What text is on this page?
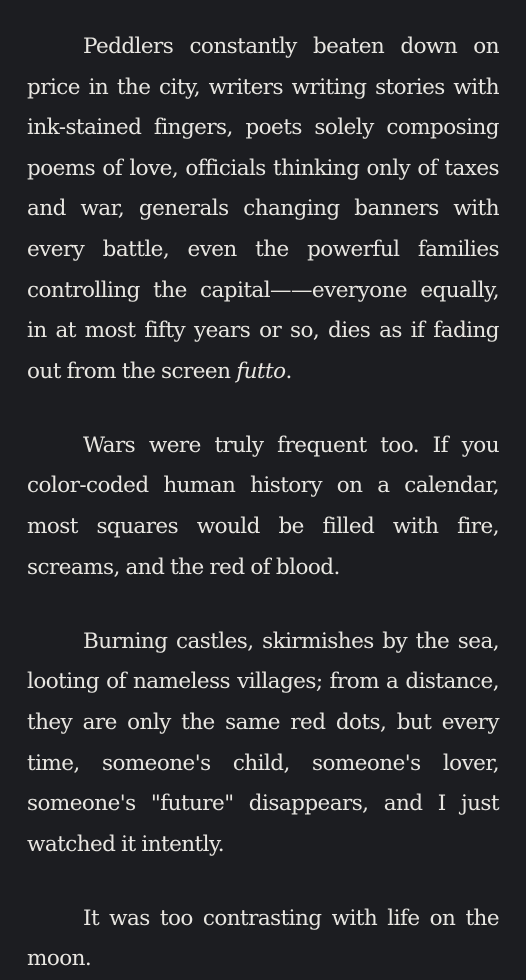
Peddlers constantly beaten down on price in the city, writers writing stories with ink-stained fingers, poets solely composing poems of love, officials thinking only of taxes and war, generals changing banners with every battle, even the powerful families controlling the capital——everyone equally, in at most fifty years or so, dies as if fading out from the screen futto.

Wars were truly frequent too. If you color-coded human history on a calendar, most squares would be filled with fire, screams, and the red of blood.

Burning castles, skirmishes by the sea, looting of nameless villages; from a distance, they are only the same red dots, but every time, someone's child, someone's lover, someone's "future" disappears, and I just watched it intently.

It was too contrasting with life on the moon.
